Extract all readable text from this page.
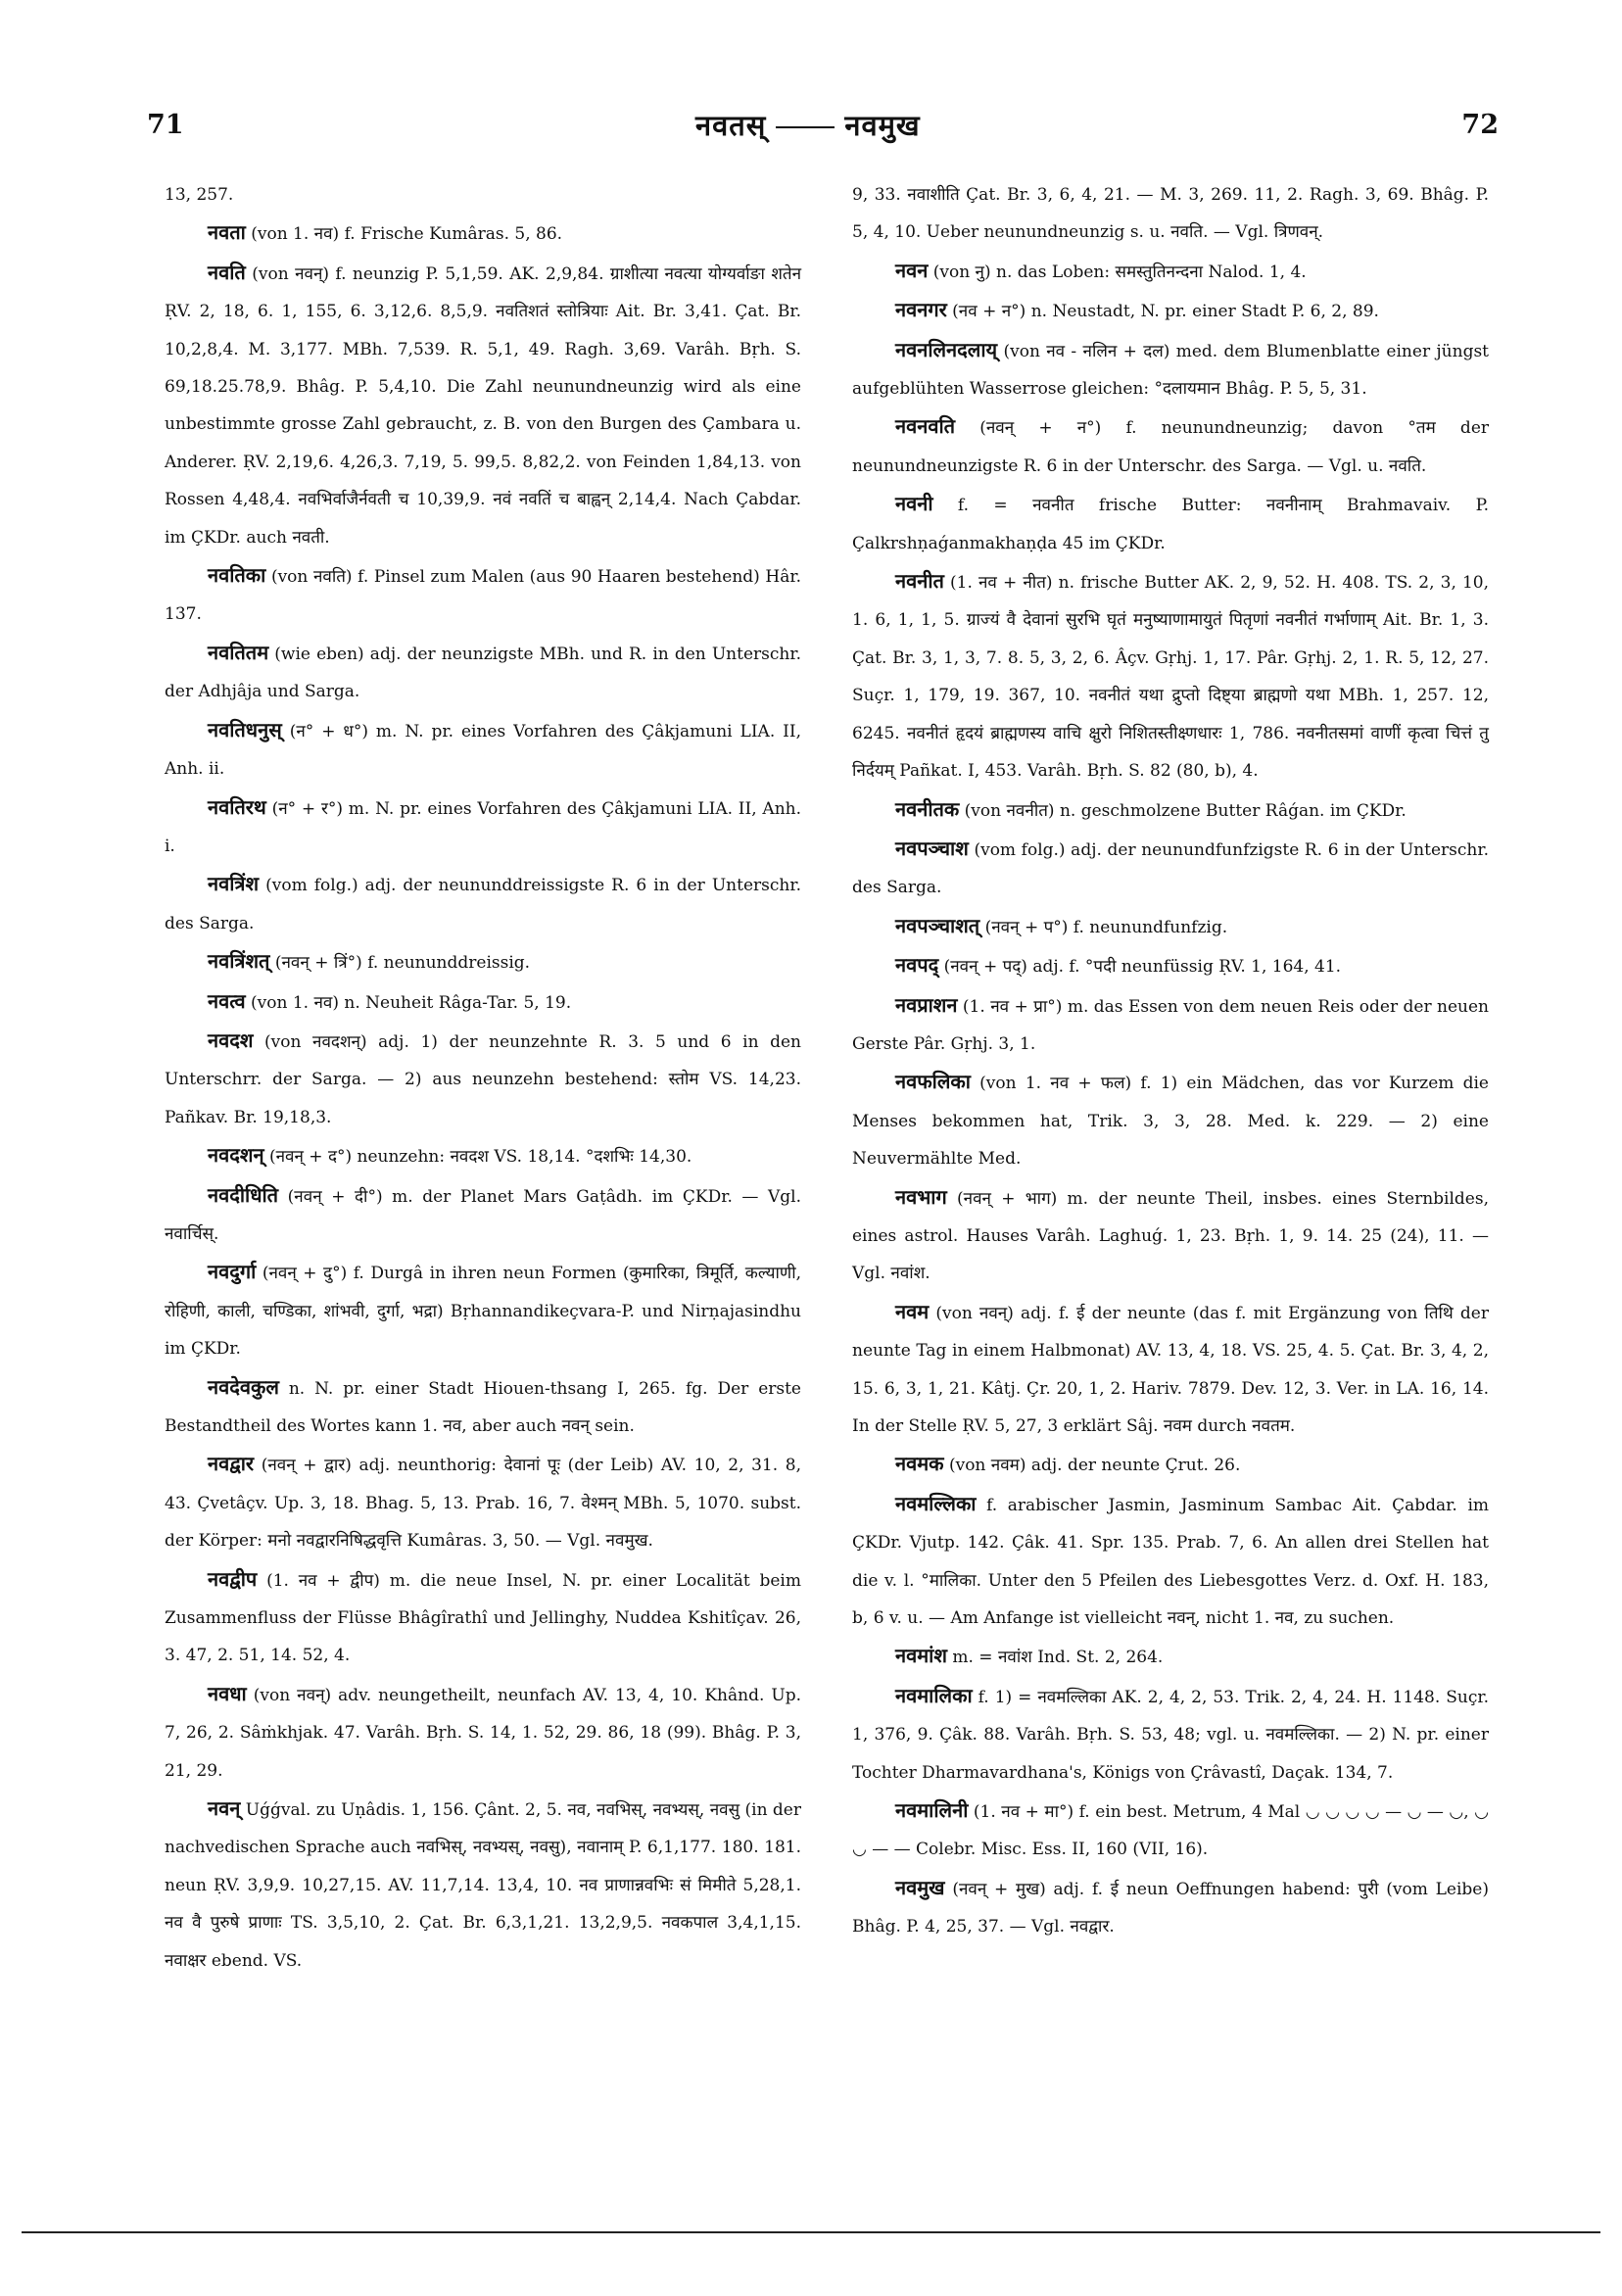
71	नवतस्	नवमुख	72

13, 257.

नवता (von 1. नव) f. Frische Kumâras. 5, 86.

नवति (von नवन्) f. neunzig P. 5,1,59. AK. 2,9,84. ग्राशीत्या नवत्या योग्यर्वाङा शतेन ṚV. 2, 18, 6. 1, 155, 6. 3,12,6. 8,5,9. नवतिशतं स्तोत्रियाः Ait. Br. 3,41. Çat. Br. 10,2,8,4. M. 3,177. MBh. 7,539. R. 5,1, 49. Ragh. 3,69. Varâh. Bṛh. S. 69,18.25.78,9. Bhâg. P. 5,4,10. Die Zahl neunundneunzig wird als eine unbestimmte grosse Zahl gebraucht, z. B. von den Burgen des Çambara u. Anderer. ṚV. 2,19,6. 4,26,3. 7,19, 5. 99,5. 8,82,2. von Feinden 1,84,13. von Rossen 4,48,4. नवभिर्वाजैर्नवती च 10,39,9. नवं नवतिं च बाह्वन् 2,14,4. Nach Çabdar. im ÇKDr. auch नवती.

नवतिका (von नवति) f. Pinsel zum Malen (aus 90 Haaren bestehend) Hâr. 137.

नवतितम (wie eben) adj. der neunzigste MBh. und R. in den Unterschr. der Adhjâja und Sarga.

नवतिधनुस् (न° + ध°) m. N. pr. eines Vorfahren des Çâkjamuni LIA. II, Anh. ii.

नवतिरथ (न° + र°) m. N. pr. eines Vorfahren des Çâkjamuni LIA. II, Anh. i.

नवत्रिंश (vom folg.) adj. der neununddreissigste R. 6 in der Unterschr. des Sarga.

नवत्रिंशत् (नवन् + त्रिं°) f. neununddreissig.

नवत्व (von 1. नव) n. Neuheit Râga-Tar. 5, 19.

नवदश (von नवदशन्) adj. 1) der neunzehnte R. 3. 5 und 6 in den Unterschrr. der Sarga. — 2) aus neunzehn bestehend: स्तोम VS. 14,23. Pañkav. Br. 19,18,3.

नवदशन् (नवन् + द°) neunzehn: नवदश VS. 18,14. °दशभिः 14,30.

नवदीधिति (नवन् + दी°) m. der Planet Mars Gaṭâdh. im ÇKDr. — Vgl. नवार्चिस्.

नवदुर्गा (नवन् + दु°) f. Durgâ in ihren neun Formen (कुमारिका, त्रिमूर्ति, कल्याणी, रोहिणी, काली, चण्डिका, शांभवी, दुर्गा, भद्रा) Bṛhannandikeçvara-P. und Nirṇajasindhu im ÇKDr.

नवदेवकुल n. N. pr. einer Stadt Hiouen-thsang I, 265. fg. Der erste Bestandtheil des Wortes kann 1. नव, aber auch नवन् sein.

नवद्वार (नवन् + द्वार) adj. neunthorig: देवानां पूः (der Leib) AV. 10, 2, 31. 8, 43. Çvetâçv. Up. 3, 18. Bhag. 5, 13. Prab. 16, 7. वेश्मन् MBh. 5, 1070. subst. der Körper: मनो नवद्वारनिषिद्धवृत्ति Kumâras. 3, 50. — Vgl. नवमुख.

नवद्वीप (1. नव + द्वीप) m. die neue Insel, N. pr. einer Localität beim Zusammenfluss der Flüsse Bhâgîrathî und Jellinghy, Nuddea Kshitîçav. 26, 3. 47, 2. 51, 14. 52, 4.

नवधा (von नवन्) adv. neungetheilt, neunfach AV. 13, 4, 10. Khând. Up. 7, 26, 2. Sâṁkhjak. 47. Varâh. Bṛh. S. 14, 1. 52, 29. 86, 18 (99). Bhâg. P. 3, 21, 29.

नवन् Uǵǵval. zu Uṇâdis. 1, 156. Çânt. 2, 5. नव, नवभिस्, नवभ्यस्, नवसु (in der nachvedischen Sprache auch नवभिस्, नवभ्यस्, नवसु), नवानाम् P. 6,1,177. 180. 181. neun ṚV. 3,9,9. 10,27,15. AV. 11,7,14. 13,4, 10. नव प्राणान्नवभिः सं मिमीते 5,28,1. नव वै पुरुषे प्राणाः TS. 3,5,10, 2. Çat. Br. 6,3,1,21. 13,2,9,5. नवकपाल 3,4,1,15. नवाक्षर ebend. VS.

9, 33. नवाशीति Çat. Br. 3, 6, 4, 21. — M. 3, 269. 11, 2. Ragh. 3, 69. Bhâg. P. 5, 4, 10. Ueber neunundneunzig s. u. नवति. — Vgl. त्रिणवन्.

नवन (von नु) n. das Loben: समस्तुतिनन्दना Nalod. 1, 4.

नवनगर (नव + न°) n. Neustadt, N. pr. einer Stadt P. 6, 2, 89.

नवनलिनदलाय् (von नव - नलिन + दल) med. dem Blumenblatte einer jüngst aufgeblühten Wasserrose gleichen: °दलायमान Bhâg. P. 5, 5, 31.

नवनवति (नवन् + न°) f. neunundneunzig; davon °तम der neunundneunzigste R. 6 in der Unterschr. des Sarga. — Vgl. u. नवति.

नवनी f. = नवनीत frische Butter: नवनीनाम् Brahmavaiv. P. Çalkrshṇaǵanmakhaṇḍa 45 im ÇKDr.

नवनीत (1. नव + नीत) n. frische Butter AK. 2, 9, 52. H. 408. TS. 2, 3, 10, 1. 6, 1, 1, 5. ग्राज्यं वै देवानां सुरभि घृतं मनुष्याणामायुतं पितृणां नवनीतं गर्भाणाम् Ait. Br. 1, 3. Çat. Br. 3, 1, 3, 7. 8. 5, 3, 2, 6. Âçv. Gṛhj. 1, 17. Pâr. Gṛhj. 2, 1. R. 5, 12, 27. Suçr. 1, 179, 19. 367, 10. नवनीतं यथा द्रुप्तो दिष्ट्या ब्राह्मणो यथा MBh. 1, 257. 12, 6245. नवनीतं हृदयं ब्राह्मणस्य वाचि क्षुरो निशितस्तीक्ष्णधारः 1, 786. नवनीतसमां वाणीं कृत्वा चित्तं तु निर्दयम् Pañkat. I, 453. Varâh. Bṛh. S. 82 (80, b), 4.

नवनीतक (von नवनीत) n. geschmolzene Butter Râǵan. im ÇKDr.

नवपञ्चाश (vom folg.) adj. der neunundfunfzigste R. 6 in der Unterschr. des Sarga.

नवपञ्चाशत् (नवन् + प°) f. neunundfunfzig.

नवपद् (नवन् + पद्) adj. f. °पदी neunfüssig ṚV. 1, 164, 41.

नवप्राशन (1. नव + प्रा°) m. das Essen von dem neuen Reis oder der neuen Gerste Pâr. Gṛhj. 3, 1.

नवफलिका (von 1. नव + फल) f. 1) ein Mädchen, das vor Kurzem die Menses bekommen hat, Trik. 3, 3, 28. Med. k. 229. — 2) eine Neuvermählte Med.

नवभाग (नवन् + भाग) m. der neunte Theil, insbes. eines Sternbildes, eines astrol. Hauses Varâh. Laghuǵ. 1, 23. Bṛh. 1, 9. 14. 25 (24), 11. — Vgl. नवांश.

नवम (von नवन्) adj. f. ई der neunte (das f. mit Ergänzung von तिथि der neunte Tag in einem Halbmonat) AV. 13, 4, 18. VS. 25, 4. 5. Çat. Br. 3, 4, 2, 15. 6, 3, 1, 21. Kâtj. Çr. 20, 1, 2. Hariv. 7879. Dev. 12, 3. Ver. in LA. 16, 14. In der Stelle ṚV. 5, 27, 3 erklärt Sâj. नवम durch नवतम.

नवमक (von नवम) adj. der neunte Çrut. 26.

नवमल्लिका f. arabischer Jasmin, Jasminum Sambac Ait. Çabdar. im ÇKDr. Vjutp. 142. Çâk. 41. Spr. 135. Prab. 7, 6. An allen drei Stellen hat die v. l. °मालिका. Unter den 5 Pfeilen des Liebesgottes Verz. d. Oxf. H. 183, b, 6 v. u. — Am Anfange ist vielleicht नवन्, nicht 1. नव, zu suchen.

नवमांश m. = नवांश Ind. St. 2, 264.

नवमालिका f. 1) = नवमल्लिका AK. 2, 4, 2, 53. Trik. 2, 4, 24. H. 1148. Suçr. 1, 376, 9. Çâk. 88. Varâh. Bṛh. S. 53, 48; vgl. u. नवमल्लिका. — 2) N. pr. einer Tochter Dharmavardhana's, Königs von Çrâvastî, Daçak. 134, 7.

नवमालिनी (1. नव + मा°) f. ein best. Metrum, 4 Mal ◡ ◡ ◡ ◡ — ◡ — ◡, ◡ ◡ — — Colebr. Misc. Ess. II, 160 (VII, 16).

नवमुख (नवन् + मुख) adj. f. ई neun Oeffnungen habend: पुरी (vom Leibe) Bhâg. P. 4, 25, 37. — Vgl. नवद्वार.
